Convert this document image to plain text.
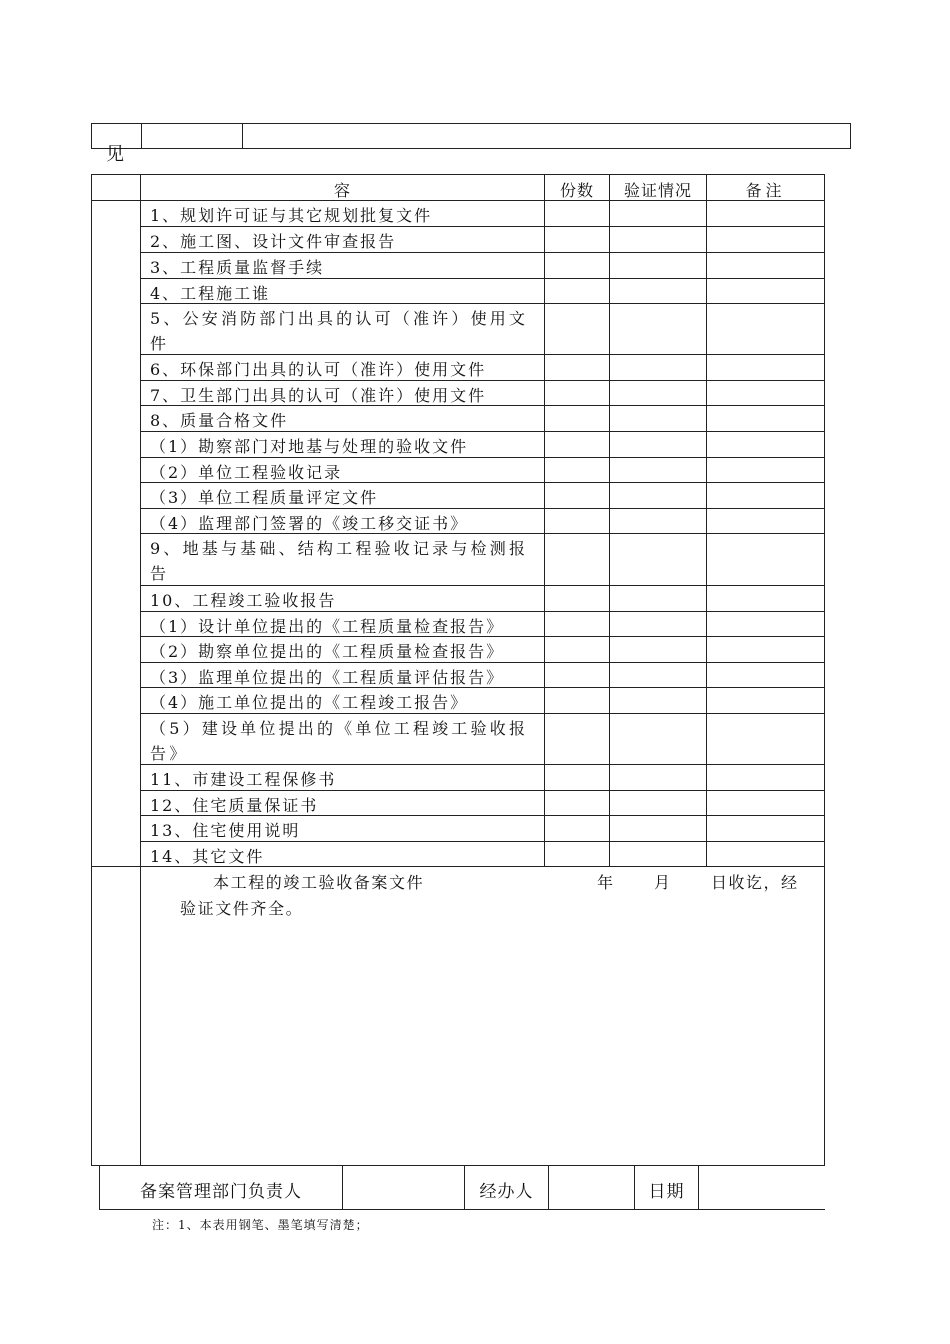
见
容	份数	验证情况	备注
1、规划许可证与其它规划批复文件
2、施工图、设计文件审查报告
3、工程质量监督手续
4、工程施工谁
5、公安消防部门出具的认可（准许）使用文件
6、环保部门出具的认可（准许）使用文件
7、卫生部门出具的认可（准许）使用文件
8、质量合格文件
（1）勘察部门对地基与处理的验收文件
（2）单位工程验收记录
（3）单位工程质量评定文件
（4）监理部门签署的《竣工移交证书》
9、地基与基础、结构工程验收记录与检测报告
10、工程竣工验收报告
（1）设计单位提出的《工程质量检查报告》
（2）勘察单位提出的《工程质量检查报告》
（3）监理单位提出的《工程质量评估报告》
（4）施工单位提出的《工程竣工报告》
（5）建设单位提出的《单位工程竣工验收报告》
11、市建设工程保修书
12、住宅质量保证书
13、住宅使用说明
14、其它文件
本工程的竣工验收备案文件	年 月 日收讫，经
验证文件齐全。
备案管理部门负责人	经办人	日期
注：1、本表用钢笔、墨笔填写清楚；
